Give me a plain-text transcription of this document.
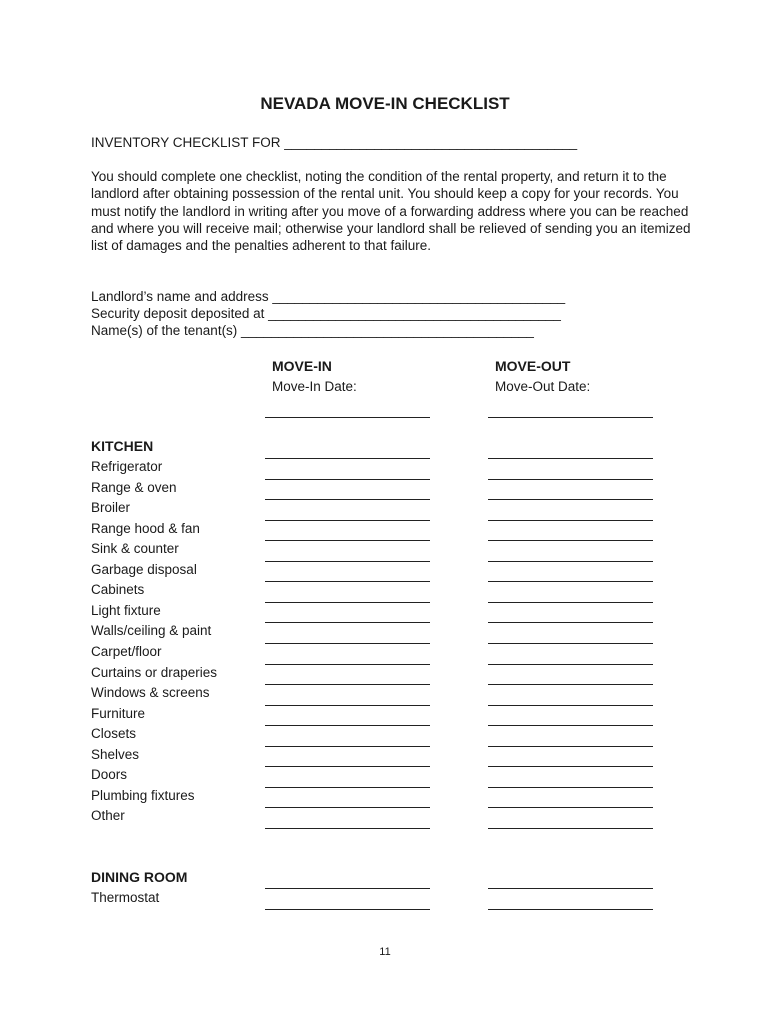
NEVADA MOVE-IN CHECKLIST
INVENTORY CHECKLIST FOR _______________________________________
You should complete one checklist, noting the condition of the rental property, and return it to the landlord after obtaining possession of the rental unit. You should keep a copy for your records. You must notify the landlord in writing after you move of a forwarding address where you can be reached and where you will receive mail; otherwise your landlord shall be relieved of sending you an itemized list of damages and the penalties adherent to that failure.
Landlord’s name and address _______________________________________
Security deposit deposited at _______________________________________
Name(s) of the tenant(s) _______________________________________
MOVE-IN
Move-In Date:
MOVE-OUT
Move-Out Date:
KITCHEN
Refrigerator
Range & oven
Broiler
Range hood & fan
Sink & counter
Garbage disposal
Cabinets
Light fixture
Walls/ceiling & paint
Carpet/floor
Curtains or draperies
Windows & screens
Furniture
Closets
Shelves
Doors
Plumbing fixtures
Other
DINING ROOM
Thermostat
11
